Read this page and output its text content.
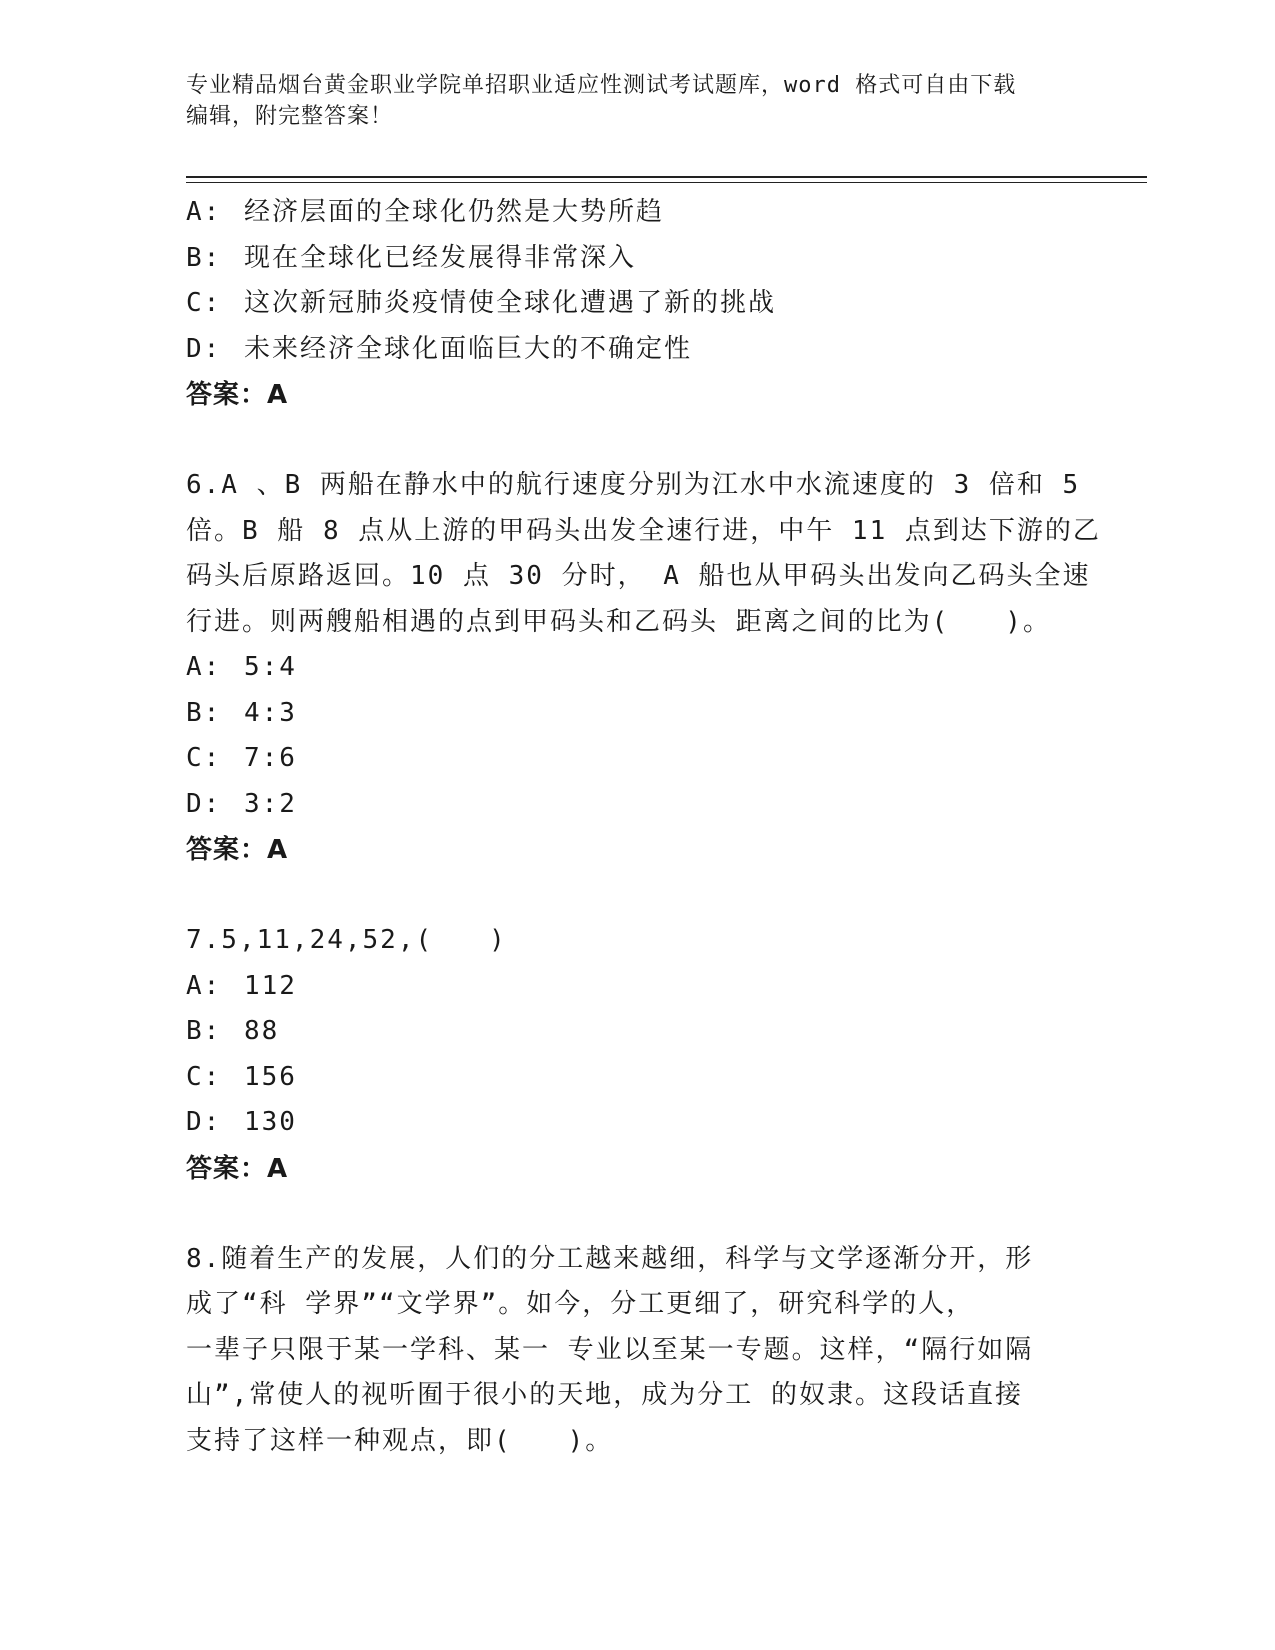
专业精品烟台黄金职业学院单招职业适应性测试考试题库，word 格式可自由下载
编辑，附完整答案！
A: 经济层面的全球化仍然是大势所趋
B: 现在全球化已经发展得非常深入
C: 这次新冠肺炎疫情使全球化遭遇了新的挑战
D: 未来经济全球化面临巨大的不确定性
答案：A
6.A 、B 两船在静水中的航行速度分别为江水中水流速度的 3 倍和 5
倍。B 船 8 点从上游的甲码头出发全速行进，中午 11 点到达下游的乙
码头后原路返回。10 点 30 分时， A 船也从甲码头出发向乙码头全速
行进。则两艘船相遇的点到甲码头和乙码头 距离之间的比为(　　)。
A: 5:4
B: 4:3
C: 7:6
D: 3:2
答案：A
7.5,11,24,52,(　　)
A: 112
B: 88
C: 156
D: 130
答案：A
8.随着生产的发展，人们的分工越来越细，科学与文学逐渐分开，形
成了“科 学界”“文学界”。如今，分工更细了，研究科学的人，
一辈子只限于某一学科、某一 专业以至某一专题。这样，“隔行如隔
山”,常使人的视听囿于很小的天地，成为分工 的奴隶。这段话直接
支持了这样一种观点，即(　　)。
